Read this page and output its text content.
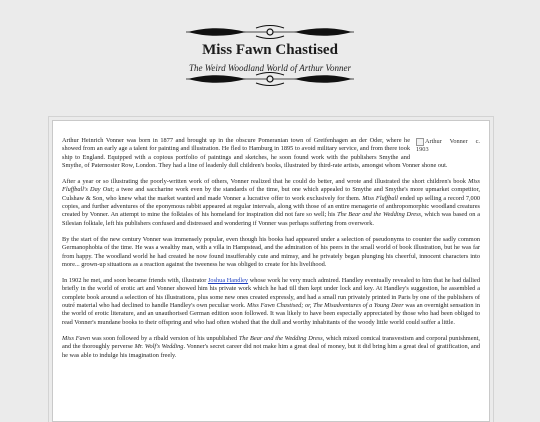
Miss Fawn Chastised
The Weird Woodland World of Arthur Vonner
Arthur Vonner c. 1903

Arthur Heinrich Vonner was born in 1877 and brought up in the obscure Pomeranian town of Greifenhagen an der Oder, where he showed from an early age a talent for painting and illustration. He fled to Hamburg in 1895 to avoid military service, and from there took ship to England. Equipped with a copious portfolio of paintings and sketches, he soon found work with the publishers Smythe and Smythe, of Paternoster Row, London. They had a line of leadenly dull children's books, illustrated by third-rate artists, amongst whom Vonner shone out.

After a year or so illustrating the poorly-written work of others, Vonner realized that he could do better, and wrote and illustrated the short children's book Miss Fluffball's Day Out; a twee and saccharine work even by the standards of the time, but one which appealed to Smythe and Smythe's more upmarket competitor, Culshaw & Son, who knew what the market wanted and made Vonner a lucrative offer to work exclusively for them. Miss Fluffball ended up selling a record 7,000 copies, and further adventures of the eponymous rabbit appeared at regular intervals, along with those of an entire menagerie of anthropomorphic woodland creatures created by Vonner. An attempt to mine the folktales of his homeland for inspiration did not fare so well; his The Bear and the Wedding Dress, which was based on a Silesian folktale, left his publishers confused and distressed and wondering if Vonner was perhaps suffering from overwork.

By the start of the new century Vonner was immensely popular, even though his books had appeared under a selection of pseudonyms to counter the sadly common Germanophobia of the time. He was a wealthy man, with a villa in Hampstead, and the admiration of his peers in the small world of book illustration, but he was far from happy. The woodland world he had created he now found insufferably cute and mimsy, and he privately began plunging his cheerful, innocent characters into more... grown-up situations as a reaction against the tweeness he was obliged to create for his livelihood.

In 1902 he met, and soon became friends with, illustrator Joshua Handley whose work he very much admired. Handley eventually revealed to him that he had dallied briefly in the world of erotic art and Vonner showed him his private work which he had till then kept under lock and key. At Handley's suggestion, he assembled a complete book around a selection of his illustrations, plus some new ones created expressly, and had a small run privately printed in Paris by one of the publishers of outré material who had declined to handle Handley's own peculiar work. Miss Fawn Chastised; or, The Misadventures of a Young Deer was an overnight sensation in the world of erotic literature, and an unauthorised German edition soon followed. It was likely to have been especially appreciated by those who had been obliged to read Vonner's mundane books to their offspring and who had often wished that the dull and worthy inhabitants of the woody little world could suffer a little.

Miss Fawn was soon followed by a ribald version of his unpublished The Bear and the Wedding Dress, which mixed comical transvestism and corporal punishment, and the thoroughly perverse Mr. Wolf's Wedding. Vonner's secret career did not make him a great deal of money, but it did bring him a great deal of gratification, and he was able to indulge his imagination freely.
